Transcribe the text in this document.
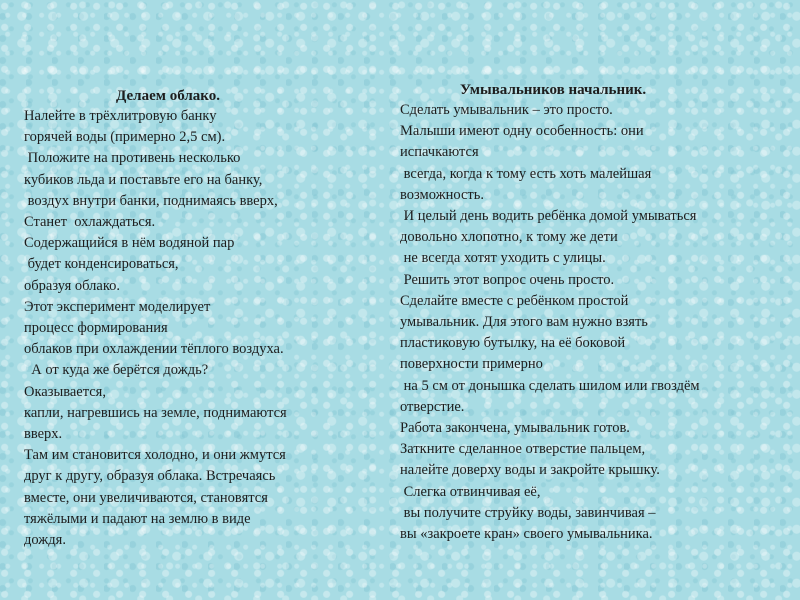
Делаем облако.

Налейте в трёхлитровую банку

горячей воды (примерно 2,5 см).

Положите на противень несколько

кубиков льда и поставьте его на банку,

воздух внутри банки, поднимаясь вверх,

Станет  охлаждаться.

Содержащийся в нём водяной пар

будет конденсироваться,

образуя облако.

Этот эксперимент моделирует

процесс формирования

облаков при охлаждении тёплого воздуха.

А от куда же берётся дождь?

Оказывается,

капли, нагревшись на земле, поднимаются

вверх.

Там им становится холодно, и они жмутся

друг к другу, образуя облака. Встречаясь

вместе, они увеличиваются, становятся

тяжёлыми и падают на землю в виде

дождя.

Умывальников начальник.

Сделать умывальник – это просто.

Малыши имеют одну особенность: они

испачкаются

всегда, когда к тому есть хоть малейшая

возможность.

И целый день водить ребёнка домой умываться

довольно хлопотно, к тому же дети

не всегда хотят уходить с улицы.

Решить этот вопрос очень просто.

Сделайте вместе с ребёнком простой

умывальник. Для этого вам нужно взять

пластиковую бутылку, на её боковой

поверхности примерно

на 5 см от донышка сделать шилом или гвоздём

отверстие.

Работа закончена, умывальник готов.

Заткните сделанное отверстие пальцем,

налейте доверху воды и закройте крышку.

Слегка отвинчивая её,

вы получите струйку воды, завинчивая –

вы «закроете кран» своего умывальника.
